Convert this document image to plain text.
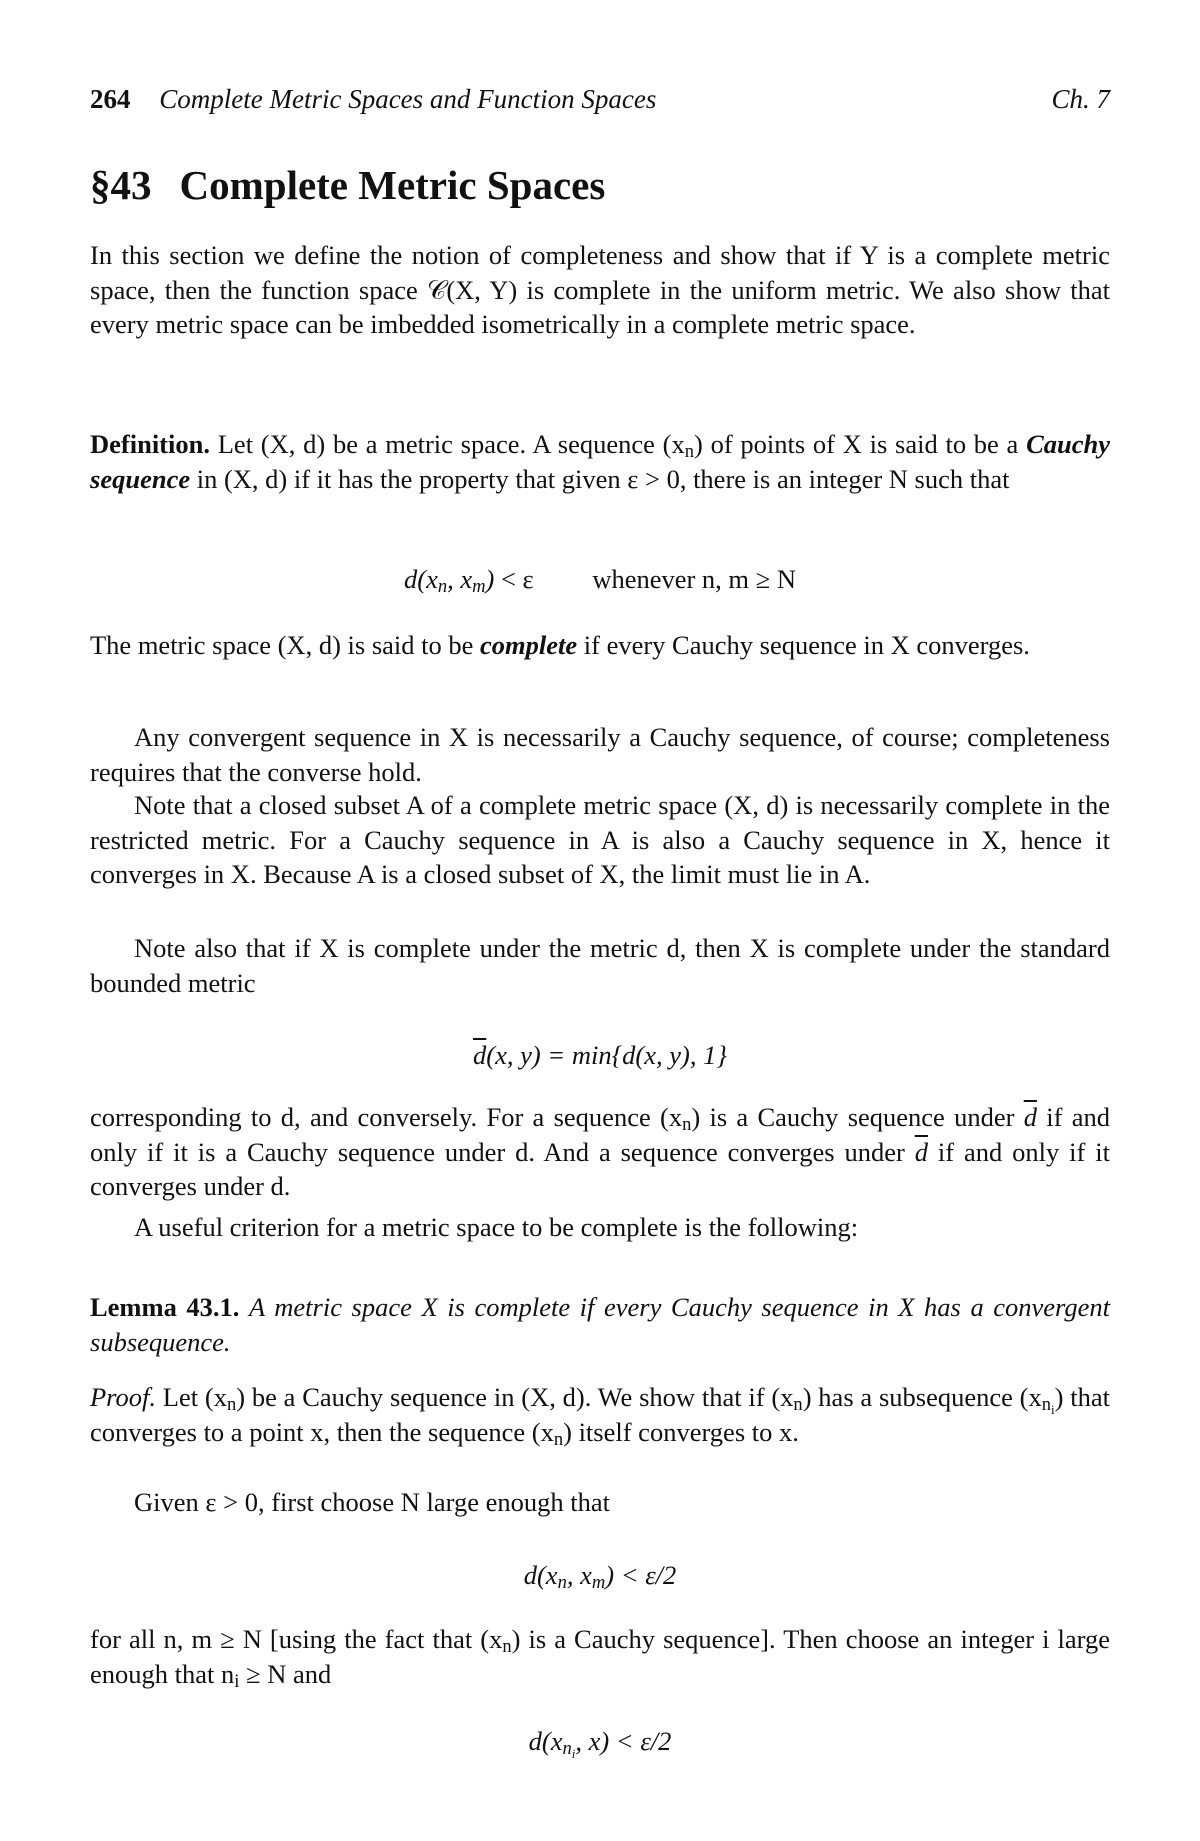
264 Complete Metric Spaces and Function Spaces	Ch. 7
§43 Complete Metric Spaces

In this section we define the notion of completeness and show that if Y is a complete metric space, then the function space 𝒞(X, Y) is complete in the uniform metric. We also show that every metric space can be imbedded isometrically in a complete metric space.

Definition. Let (X, d) be a metric space. A sequence $(x_n)$ of points of X is said to be a Cauchy sequence in (X, d) if it has the property that given ε > 0, there is an integer N such that

$d(x_n$, $x_m) < \varepsilon$ whenever n, m ≥ N

The metric space (X, d) is said to be complete if every Cauchy sequence in X converges.

Any convergent sequence in X is necessarily a Cauchy sequence, of course; completeness requires that the converse hold.

Note that a closed subset A of a complete metric space (X, d) is necessarily complete in the restricted metric. For a Cauchy sequence in A is also a Cauchy sequence in X, hence it converges in X. Because A is a closed subset of X, the limit must lie in A.

Note also that if X is complete under the metric d, then X is complete under the standard bounded metric

$\overline{d}(x$, y) = min{d(x, y), 1}

corresponding to d, and conversely. For a sequence $(x_n)$ is a Cauchy sequence under $\overline{d}$ if and only if it is a Cauchy sequence under d. And a sequence converges under $\overline{d}$ if and only if it converges under d.

A useful criterion for a metric space to be complete is the following:

Lemma 43.1. A metric space X is complete if every Cauchy sequence in X has a convergent subsequence.

Proof. Let $(x_n)$ be a Cauchy sequence in (X, d). We show that if $(x_n)$ has a subsequence $(x_{n_i})$ that converges to a point x, then the sequence $(x_n)$ itself converges to x.

Given ε > 0, first choose N large enough that

$d(x_n$, $x_m) < \varepsilon/2$

for all n, m ≥ N [using the fact that $(x_n)$ is a Cauchy sequence]. Then choose an integer i large enough that $n_i \ge N$ and

$d(x_{n_i}$, x) < ε/2
